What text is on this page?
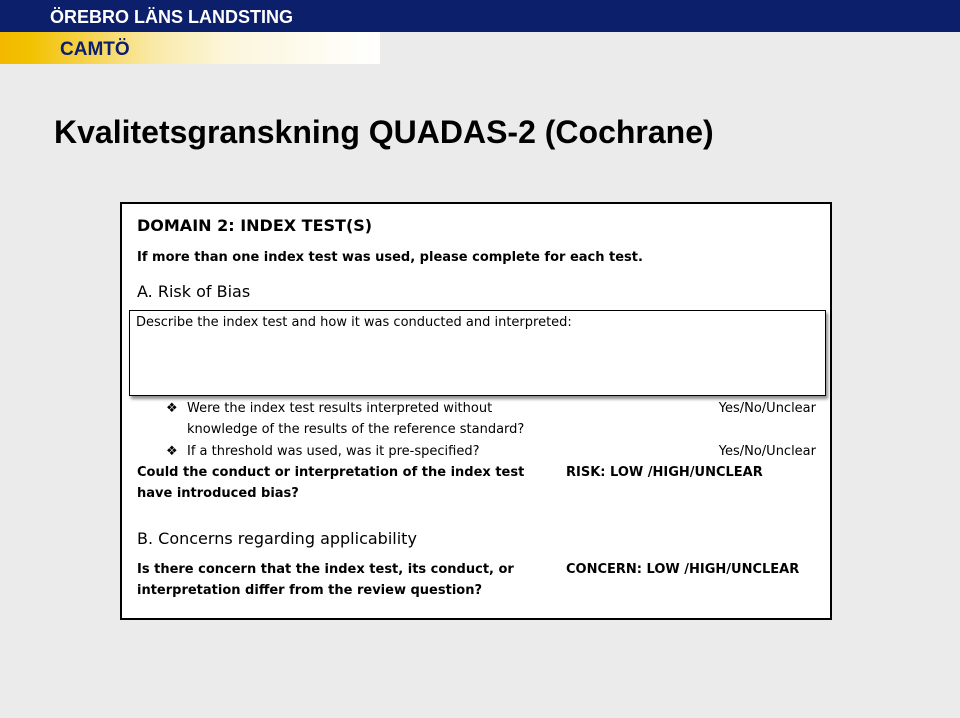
ÖREBRO LÄNS LANDSTING
CAMTÖ
Kvalitetsgranskning QUADAS-2 (Cochrane)
DOMAIN 2: INDEX TEST(S)
If more than one index test was used, please complete for each test.
A. Risk of Bias
Describe the index test and how it was conducted and interpreted:
❖ Were the index test results interpreted without
knowledge of the results of the reference standard?
Yes/No/Unclear
❖ If a threshold was used, was it pre-specified?	Yes/No/Unclear
Could the conduct or interpretation of the index test
have introduced bias?
RISK: LOW /HIGH/UNCLEAR
B. Concerns regarding applicability
Is there concern that the index test, its conduct, or
interpretation differ from the review question?
CONCERN: LOW /HIGH/UNCLEAR
